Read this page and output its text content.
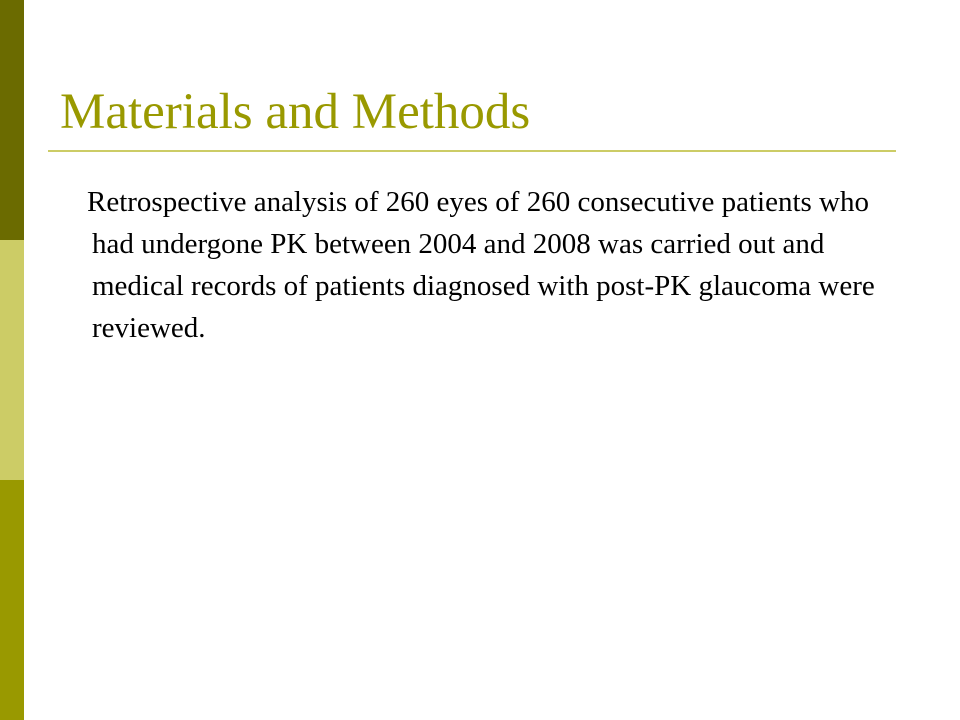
Materials and Methods
Retrospective analysis of 260 eyes of 260 consecutive patients who had undergone PK between 2004 and 2008 was carried out and medical records of patients diagnosed with post-PK glaucoma were reviewed.
